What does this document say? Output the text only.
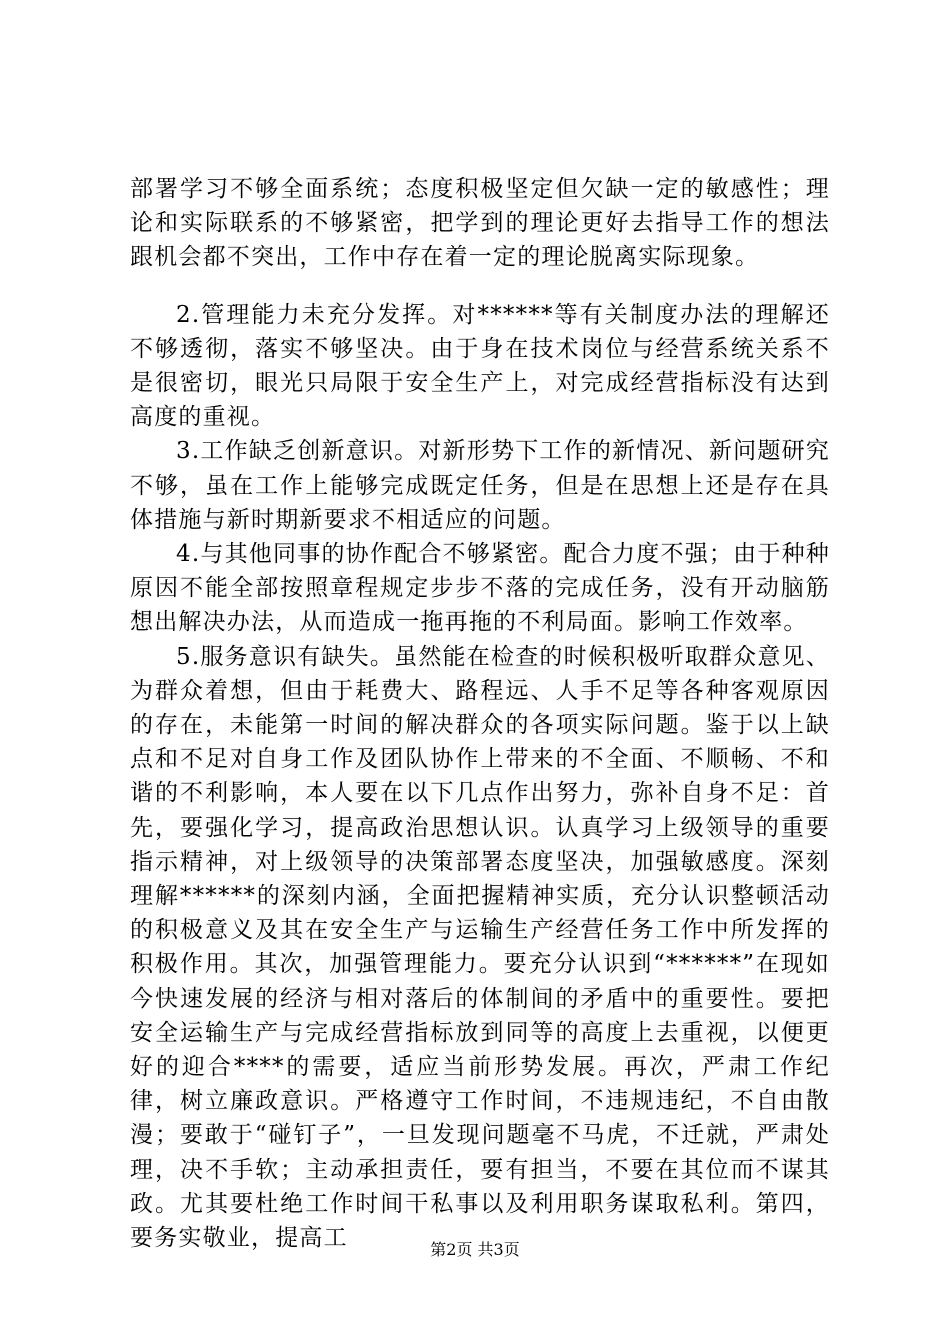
部署学习不够全面系统；态度积极坚定但欠缺一定的敏感性；理论和实际联系的不够紧密，把学到的理论更好去指导工作的想法跟机会都不突出，工作中存在着一定的理论脱离实际现象。

2.管理能力未充分发挥。对******等有关制度办法的理解还不够透彻，落实不够坚决。由于身在技术岗位与经营系统关系不是很密切，眼光只局限于安全生产上，对完成经营指标没有达到高度的重视。

3.工作缺乏创新意识。对新形势下工作的新情况、新问题研究不够，虽在工作上能够完成既定任务，但是在思想上还是存在具体措施与新时期新要求不相适应的问题。

4.与其他同事的协作配合不够紧密。配合力度不强；由于种种原因不能全部按照章程规定步步不落的完成任务，没有开动脑筋想出解决办法，从而造成一拖再拖的不利局面。影响工作效率。

5.服务意识有缺失。虽然能在检查的时候积极听取群众意见、为群众着想，但由于耗费大、路程远、人手不足等各种客观原因的存在，未能第一时间的解决群众的各项实际问题。鉴于以上缺点和不足对自身工作及团队协作上带来的不全面、不顺畅、不和谐的不利影响，本人要在以下几点作出努力，弥补自身不足：首先，要强化学习，提高政治思想认识。认真学习上级领导的重要指示精神，对上级领导的决策部署态度坚决，加强敏感度。深刻理解******的深刻内涵，全面把握精神实质，充分认识整顿活动的积极意义及其在安全生产与运输生产经营任务工作中所发挥的积极作用。其次，加强管理能力。要充分认识到“******”在现如今快速发展的经济与相对落后的体制间的矛盾中的重要性。要把安全运输生产与完成经营指标放到同等的高度上去重视，以便更好的迎合****的需要，适应当前形势发展。再次，严肃工作纪律，树立廉政意识。严格遵守工作时间，不违规违纪，不自由散漫；要敢于“碰钉子”，一旦发现问题毫不马虎，不迁就，严肃处理，决不手软；主动承担责任，要有担当，不要在其位而不谋其政。尤其要杜绝工作时间干私事以及利用职务谋取私利。第四，要务实敬业，提高工	第2页 共3页
